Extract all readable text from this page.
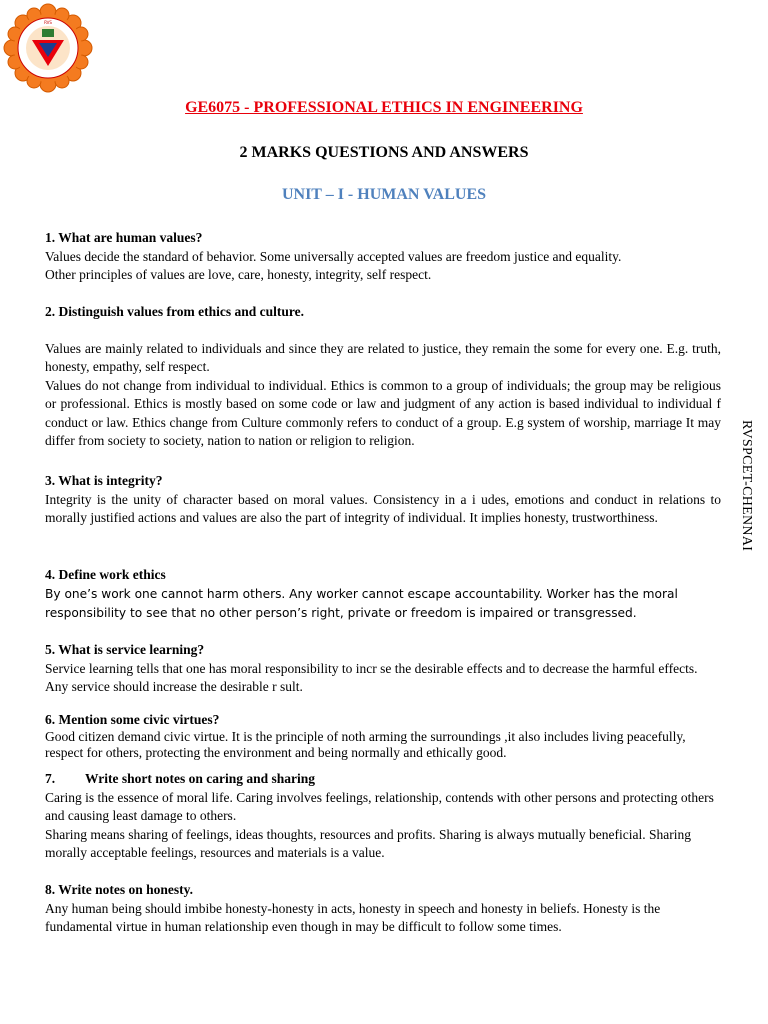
RVS
GE6075 - PROFESSIONAL ETHICS IN ENGINEERING
2 MARKS QUESTIONS AND ANSWERS
UNIT – I - HUMAN VALUES
RVSPCET-CHENNAI
1. What are human values?

Values decide the standard of behavior. Some universally accepted values are freedom justice and equality.

Other principles of values are love, care, honesty, integrity, self respect.

2. Distinguish values from ethics and culture.

Values are mainly related to individuals and since they are related to justice, they remain the some for every one. E.g. truth, honesty, empathy, self respect.

Values do not change from individual to individual. Ethics is common to a group of individuals; the group may be religious or professional. Ethics is mostly based on some code or law and judgment of any action is based individual to individual f conduct or law. Ethics change from Culture commonly refers to conduct of a group. E.g system of worship, marriage It may differ from society to society, nation to nation or religion to religion.

3. What is integrity?

Integrity is the unity of character based on moral values. Consistency in a i udes, emotions and conduct in relations to morally justified actions and values are also the part of integrity of individual. It implies honesty, trustworthiness.

4. Define work ethics

By one’s work one cannot harm others. Any worker cannot escape accountability. Worker has the moral responsibility to see that no other person’s right, private or freedom is impaired or transgressed.

5. What is service learning?

Service learning tells that one has moral responsibility to incr se the desirable effects and to decrease the harmful effects. Any service should increase the desirable r sult.

6. Mention some civic virtues?

Good citizen demand civic virtue. It is the principle of noth arming the surroundings ,it also includes living peacefully, respect for others, protecting the environment and being normally and ethically good.

7. Write short notes on caring and sharing

Caring is the essence of moral life. Caring involves feelings, relationship, contends with other persons and protecting others and causing least damage to others.

Sharing means sharing of feelings, ideas thoughts, resources and profits. Sharing is always mutually beneficial. Sharing morally acceptable feelings, resources and materials is a value.

8. Write notes on honesty.

Any human being should imbibe honesty-honesty in acts, honesty in speech and honesty in beliefs. Honesty is the fundamental virtue in human relationship even though in may be difficult to follow some times.
